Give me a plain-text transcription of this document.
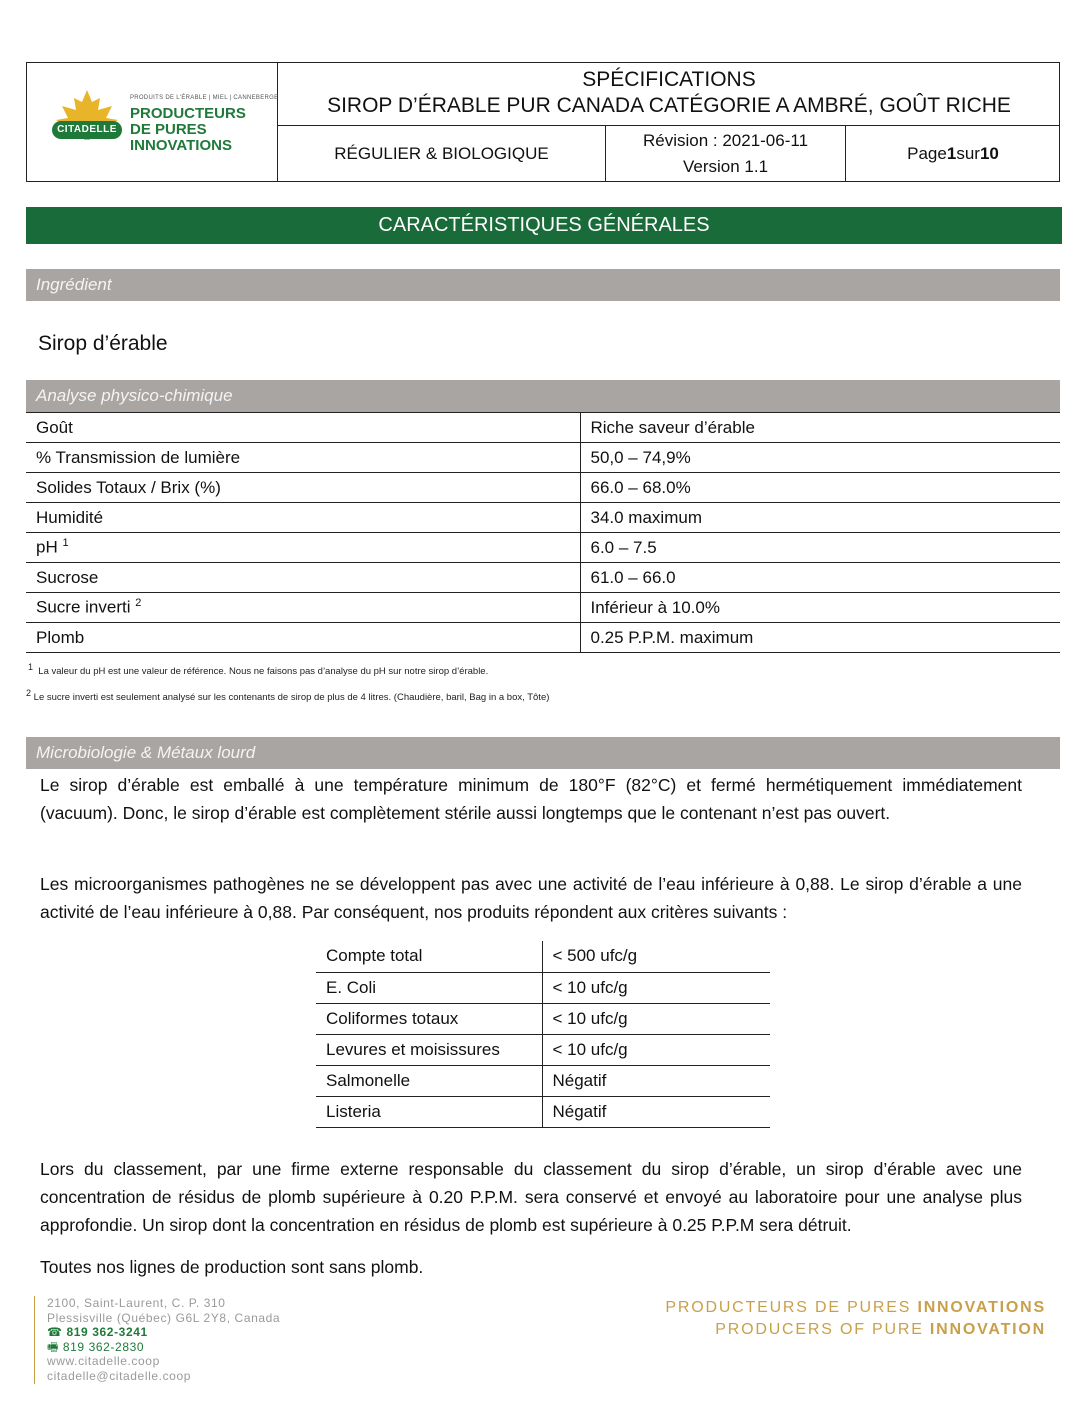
CITADELLE
PRODUITS DE L'ÉRABLE | MIEL | CANNEBERGE
PRODUCTEURS
DE PURES
INNOVATIONS
SPÉCIFICATIONS
SIROP D’ÉRABLE PUR CANADA CATÉGORIE A AMBRÉ, GOÛT RICHE
RÉGULIER & BIOLOGIQUE
Révision : 2021-06-11
Version 1.1
Page 1 sur 10
CARACTÉRISTIQUES GÉNÉRALES
Ingrédient
Sirop d’érable
Analyse physico-chimique
Goût	Riche saveur d’érable
% Transmission de lumière	50,0 – 74,9%
Solides Totaux / Brix (%)	66.0 – 68.0%
Humidité	34.0 maximum
pH $^1$	6.0 – 7.5
Sucrose	61.0 – 66.0
Sucre inverti $^2$	Inférieur à 10.0%
Plomb	0.25 P.P.M. maximum
$^1$ La valeur du pH est une valeur de référence. Nous ne faisons pas d’analyse du pH sur notre sirop d’érable.
$^2$ Le sucre inverti est seulement analysé sur les contenants de sirop de plus de 4 litres. (Chaudière, baril, Bag in a box, Tôte)
Microbiologie & Métaux lourd
Le sirop d’érable est emballé à une température minimum de 180°F (82°C) et fermé hermétiquement immédiatement (vacuum). Donc, le sirop d’érable est complètement stérile aussi longtemps que le contenant n’est pas ouvert.
Les microorganismes pathogènes ne se développent pas avec une activité de l’eau inférieure à 0,88. Le sirop d’érable a une activité de l’eau inférieure à 0,88. Par conséquent, nos produits répondent aux critères suivants :
Compte total	< 500 ufc/g
E. Coli	< 10 ufc/g
Coliformes totaux	< 10 ufc/g
Levures et moisissures	< 10 ufc/g
Salmonelle	Négatif
Listeria	Négatif
Lors du classement, par une firme externe responsable du classement du sirop d’érable, un sirop d’érable avec une concentration de résidus de plomb supérieure à 0.20 P.P.M. sera conservé et envoyé au laboratoire pour une analyse plus approfondie. Un sirop dont la concentration en résidus de plomb est supérieure à 0.25 P.P.M sera détruit.
Toutes nos lignes de production sont sans plomb.
2100, Saint-Laurent, C. P. 310
Plessisville (Québec) G6L 2Y8, Canada
☎ 819 362-3241
🖷 819 362-2830
www.citadelle.coop
citadelle@citadelle.coop
PRODUCTEURS DE PURES INNOVATIONS
PRODUCERS OF PURE INNOVATION
